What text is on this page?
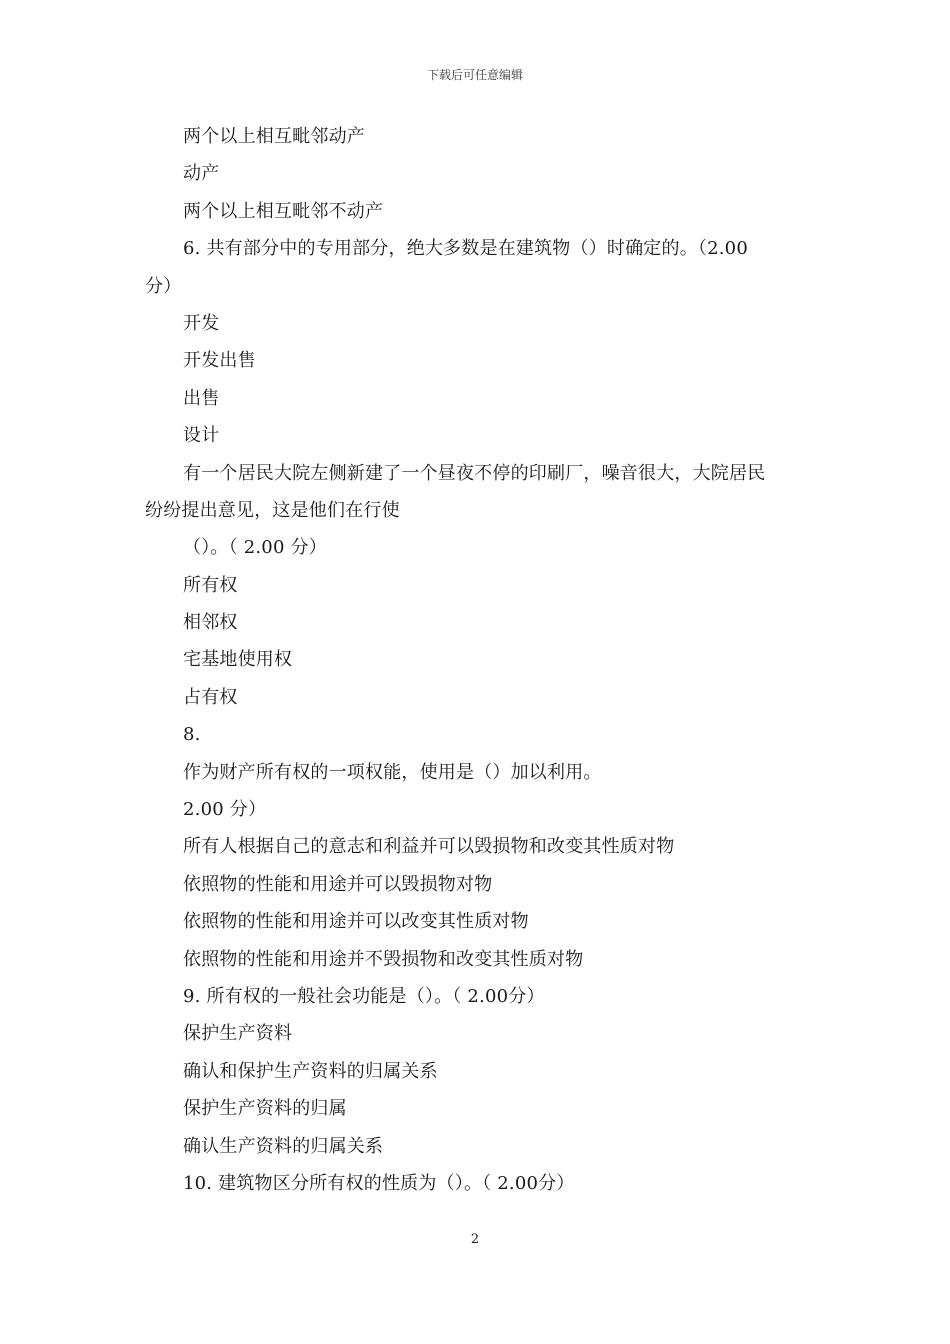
下载后可任意编辑
两个以上相互毗邻动产
动产
两个以上相互毗邻不动产
6. 共有部分中的专用部分，绝大多数是在建筑物（）时确定的。（2.00
分）
开发
开发出售
出售
设计
有一个居民大院左侧新建了一个昼夜不停的印刷厂，噪音很大，大院居民
纷纷提出意见，这是他们在行使
（）。（ 2.00 分）
所有权
相邻权
宅基地使用权
占有权
8.
作为财产所有权的一项权能，使用是（）加以利用。
2.00 分）
所有人根据自己的意志和利益并可以毁损物和改变其性质对物
依照物的性能和用途并可以毁损物对物
依照物的性能和用途并可以改变其性质对物
依照物的性能和用途并不毁损物和改变其性质对物
9. 所有权的一般社会功能是（）。（ 2.00分）
保护生产资料
确认和保护生产资料的归属关系
保护生产资料的归属
确认生产资料的归属关系
10. 建筑物区分所有权的性质为（）。（ 2.00分）
2
